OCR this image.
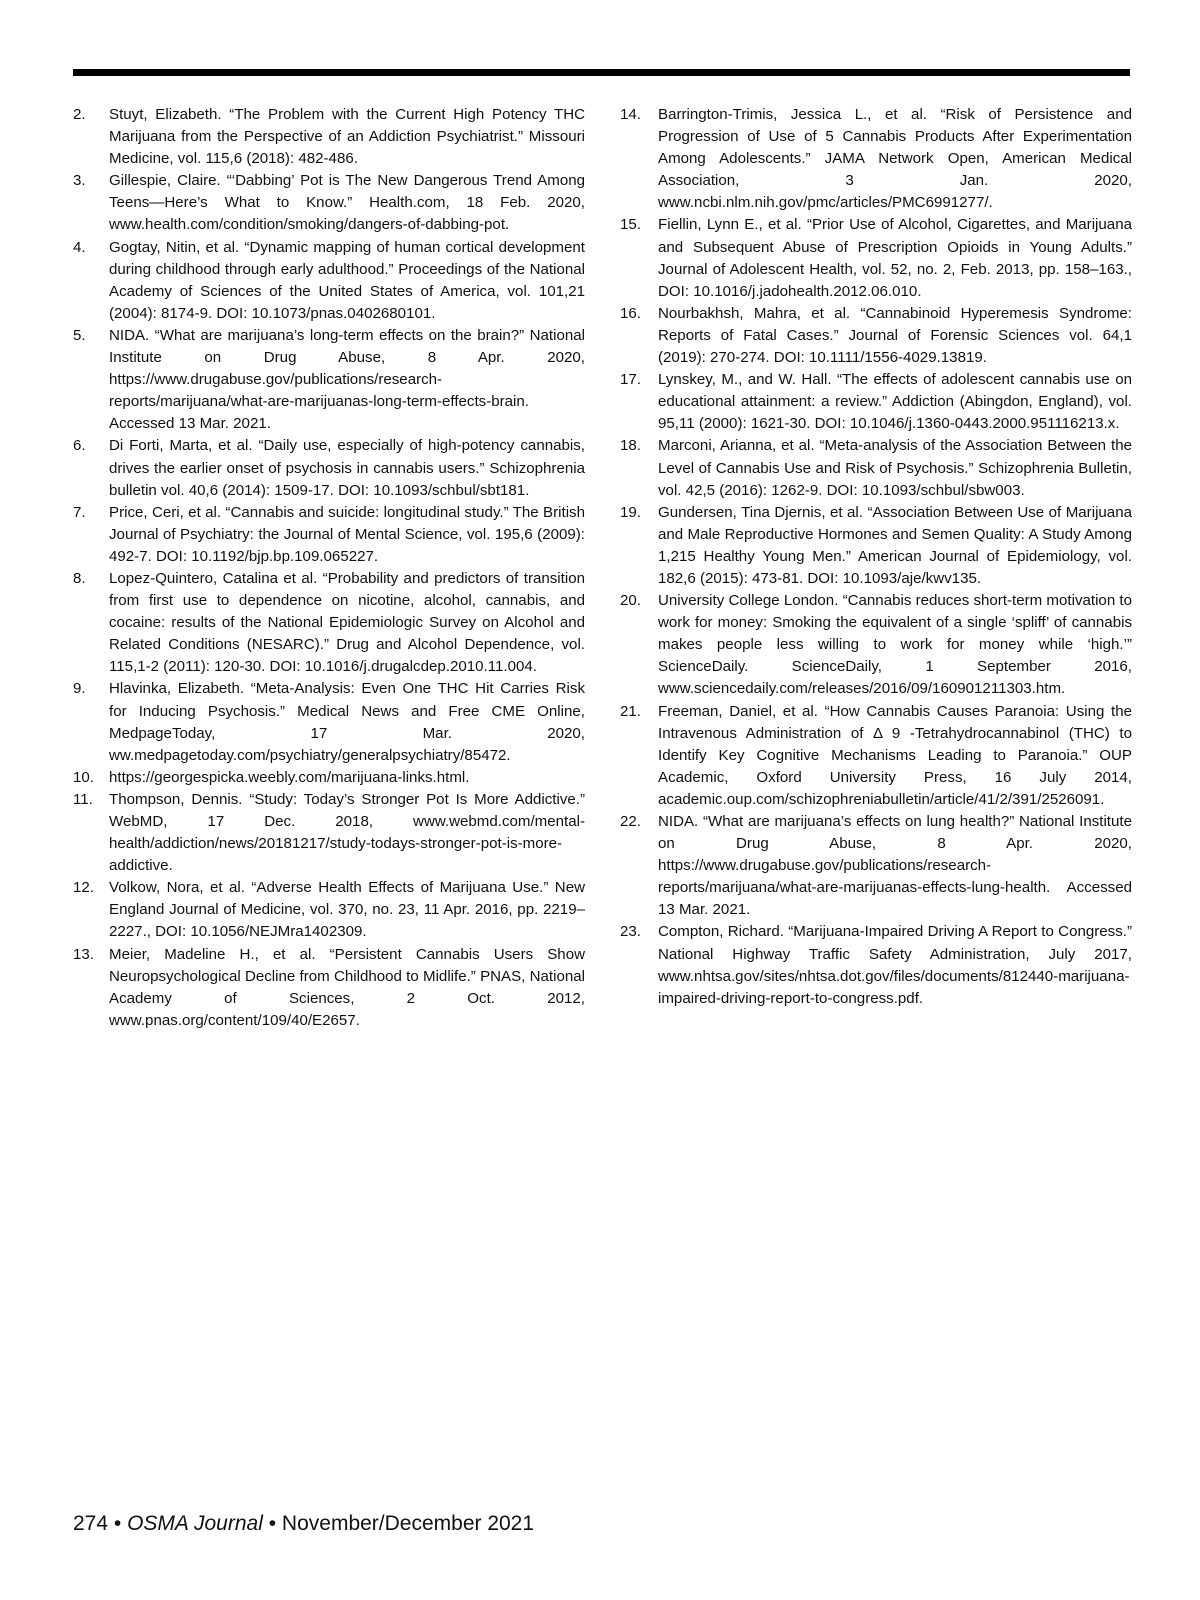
2. Stuyt, Elizabeth. “The Problem with the Current High Potency THC Marijuana from the Perspective of an Addiction Psychiatrist.” Missouri Medicine, vol. 115,6 (2018): 482-486.
3. Gillespie, Claire. “‘Dabbing’ Pot is The New Dangerous Trend Among Teens—Here’s What to Know.” Health.com, 18 Feb. 2020, www.health.com/condition/smoking/dangers-of-dabbing-pot.
4. Gogtay, Nitin, et al. “Dynamic mapping of human cortical development during childhood through early adulthood.” Proceedings of the National Academy of Sciences of the United States of America, vol. 101,21 (2004): 8174-9. DOI: 10.1073/pnas.0402680101.
5. NIDA. “What are marijuana’s long-term effects on the brain?” National Institute on Drug Abuse, 8 Apr. 2020, https://www.drugabuse.gov/publications/research-reports/marijuana/what-are-marijuanas-long-term-effects-brain. Accessed 13 Mar. 2021.
6. Di Forti, Marta, et al. “Daily use, especially of high-potency cannabis, drives the earlier onset of psychosis in cannabis users.” Schizophrenia bulletin vol. 40,6 (2014): 1509-17. DOI: 10.1093/schbul/sbt181.
7. Price, Ceri, et al. “Cannabis and suicide: longitudinal study.” The British Journal of Psychiatry: the Journal of Mental Science, vol. 195,6 (2009): 492-7. DOI: 10.1192/bjp.bp.109.065227.
8. Lopez-Quintero, Catalina et al. “Probability and predictors of transition from first use to dependence on nicotine, alcohol, cannabis, and cocaine: results of the National Epidemiologic Survey on Alcohol and Related Conditions (NESARC).” Drug and Alcohol Dependence, vol. 115,1-2 (2011): 120-30. DOI: 10.1016/j.drugalcdep.2010.11.004.
9. Hlavinka, Elizabeth. “Meta-Analysis: Even One THC Hit Carries Risk for Inducing Psychosis.” Medical News and Free CME Online, MedpageToday, 17 Mar. 2020, ww.medpagetoday.com/psychiatry/generalpsychiatry/85472.
10. https://georgespicka.weebly.com/marijuana-links.html.
11. Thompson, Dennis. “Study: Today’s Stronger Pot Is More Addictive.” WebMD, 17 Dec. 2018, www.webmd.com/mental-health/addiction/news/20181217/study-todays-stronger-pot-is-more-addictive.
12. Volkow, Nora, et al. “Adverse Health Effects of Marijuana Use.” New England Journal of Medicine, vol. 370, no. 23, 11 Apr. 2016, pp. 2219–2227., DOI: 10.1056/NEJMra1402309.
13. Meier, Madeline H., et al. “Persistent Cannabis Users Show Neuropsychological Decline from Childhood to Midlife.” PNAS, National Academy of Sciences, 2 Oct. 2012, www.pnas.org/content/109/40/E2657.
14. Barrington-Trimis, Jessica L., et al. “Risk of Persistence and Progression of Use of 5 Cannabis Products After Experimentation Among Adolescents.” JAMA Network Open, American Medical Association, 3 Jan. 2020, www.ncbi.nlm.nih.gov/pmc/articles/PMC6991277/.
15. Fiellin, Lynn E., et al. “Prior Use of Alcohol, Cigarettes, and Marijuana and Subsequent Abuse of Prescription Opioids in Young Adults.” Journal of Adolescent Health, vol. 52, no. 2, Feb. 2013, pp. 158–163., DOI: 10.1016/j.jadohealth.2012.06.010.
16. Nourbakhsh, Mahra, et al. “Cannabinoid Hyperemesis Syndrome: Reports of Fatal Cases.” Journal of Forensic Sciences vol. 64,1 (2019): 270-274. DOI: 10.1111/1556-4029.13819.
17. Lynskey, M., and W. Hall. “The effects of adolescent cannabis use on educational attainment: a review.” Addiction (Abingdon, England), vol. 95,11 (2000): 1621-30. DOI: 10.1046/j.1360-0443.2000.951116213.x.
18. Marconi, Arianna, et al. “Meta-analysis of the Association Between the Level of Cannabis Use and Risk of Psychosis.” Schizophrenia Bulletin, vol. 42,5 (2016): 1262-9. DOI: 10.1093/schbul/sbw003.
19. Gundersen, Tina Djernis, et al. “Association Between Use of Marijuana and Male Reproductive Hormones and Semen Quality: A Study Among 1,215 Healthy Young Men.” American Journal of Epidemiology, vol. 182,6 (2015): 473-81. DOI: 10.1093/aje/kwv135.
20. University College London. “Cannabis reduces short-term motivation to work for money: Smoking the equivalent of a single ‘spliff’ of cannabis makes people less willing to work for money while ‘high.’” ScienceDaily. ScienceDaily, 1 September 2016, www.sciencedaily.com/releases/2016/09/160901211303.htm.
21. Freeman, Daniel, et al. “How Cannabis Causes Paranoia: Using the Intravenous Administration of Δ 9 -Tetrahydrocannabinol (THC) to Identify Key Cognitive Mechanisms Leading to Paranoia.” OUP Academic, Oxford University Press, 16 July 2014, academic.oup.com/schizophreniabulletin/article/41/2/391/2526091.
22. NIDA. “What are marijuana’s effects on lung health?” National Institute on Drug Abuse, 8 Apr. 2020, https://www.drugabuse.gov/publications/research-reports/marijuana/what-are-marijuanas-effects-lung-health. Accessed 13 Mar. 2021.
23. Compton, Richard. “Marijuana-Impaired Driving A Report to Congress.” National Highway Traffic Safety Administration, July 2017, www.nhtsa.gov/sites/nhtsa.dot.gov/files/documents/812440-marijuana-impaired-driving-report-to-congress.pdf.
274 • OSMA Journal • November/December 2021
